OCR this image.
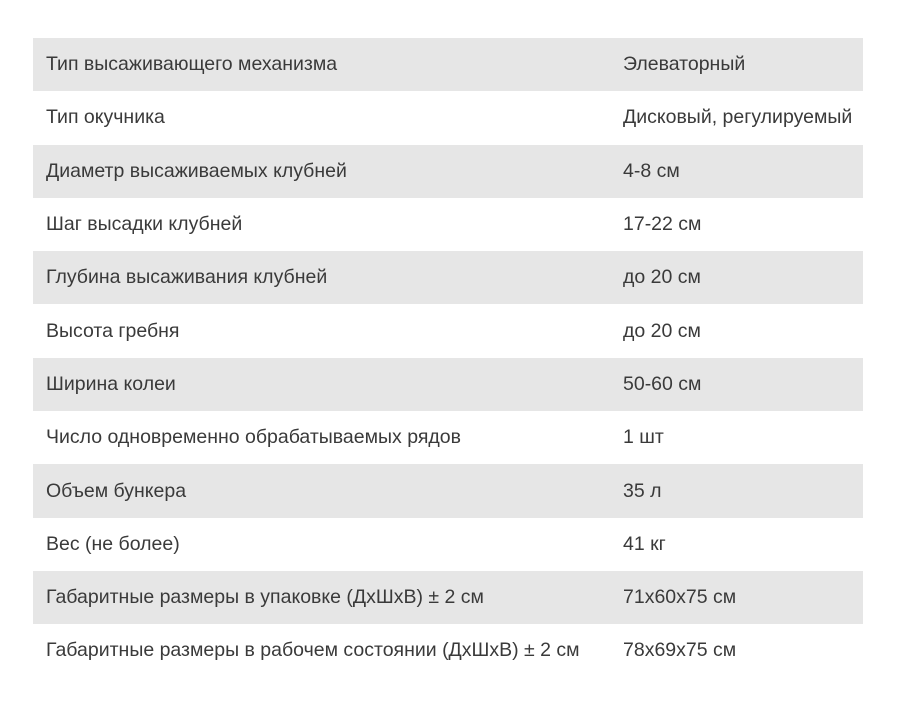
Тип высаживающего механизма	Элеваторный
Тип окучника	Дисковый, регулируемый
Диаметр высаживаемых клубней	4-8 см
Шаг высадки клубней	17-22 см
Глубина высаживания клубней	до 20 см
Высота гребня	до 20 см
Ширина колеи	50-60 см
Число одновременно обрабатываемых рядов	1 шт
Объем бункера	35 л
Вес (не более)	41 кг
Габаритные размеры в упаковке (ДхШхВ) ± 2 см	71х60х75 см
Габаритные размеры в рабочем состоянии (ДхШхВ) ± 2 см	78х69х75 см
